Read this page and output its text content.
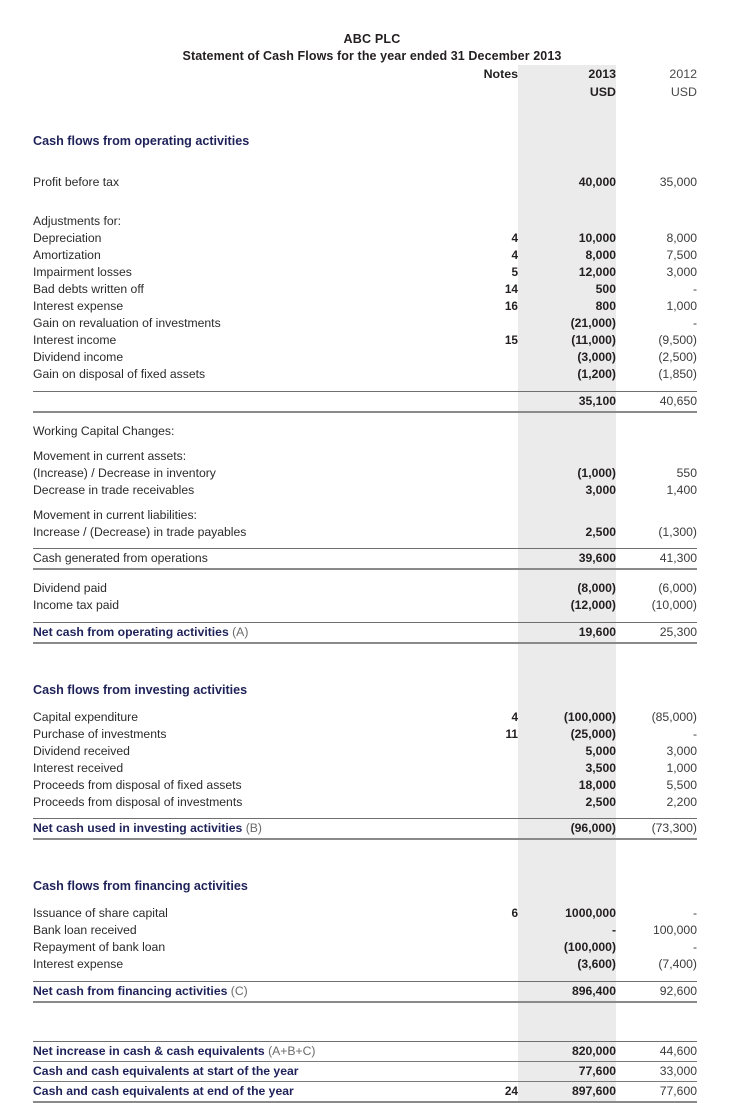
ABC PLC
Statement of Cash Flows for the year ended 31 December 2013
	Notes	2013	2012
		USD	USD

Cash flows from operating activities			

Profit before tax		40,000	35,000

Adjustments for:			
Depreciation	4	10,000	8,000
Amortization	4	8,000	7,500
Impairment losses	5	12,000	3,000
Bad debts written off	14	500	-
Interest expense	16	800	1,000
Gain on revaluation of investments		(21,000)	-
Interest income	15	(11,000)	(9,500)
Dividend income		(3,000)	(2,500)
Gain on disposal of fixed assets		(1,200)	(1,850)

		35,100	40,650

Working Capital Changes:			

Movement in current assets:			
(Increase) / Decrease in inventory		(1,000)	550
Decrease in trade receivables		3,000	1,400

Movement in current liabilities:			
Increase / (Decrease) in trade payables		2,500	(1,300)

Cash generated from operations		39,600	41,300

Dividend paid		(8,000)	(6,000)
Income tax paid		(12,000)	(10,000)

Net cash from operating activities (A)		19,600	25,300

Cash flows from investing activities			

Capital expenditure	4	(100,000)	(85,000)
Purchase of investments	11	(25,000)	-
Dividend received		5,000	3,000
Interest received		3,500	1,000
Proceeds from disposal of fixed assets		18,000	5,500
Proceeds from disposal of investments		2,500	2,200

Net cash used in investing activities (B)		(96,000)	(73,300)

Cash flows from financing activities			

Issuance of share capital	6	1000,000	-
Bank loan received		-	100,000
Repayment of bank loan		(100,000)	-
Interest expense		(3,600)	(7,400)

Net cash from financing activities (C)		896,400	92,600

Net increase in cash & cash equivalents (A+B+C)		820,000	44,600
Cash and cash equivalents at start of the year		77,600	33,000
Cash and cash equivalents at end of the year	24	897,600	77,600
